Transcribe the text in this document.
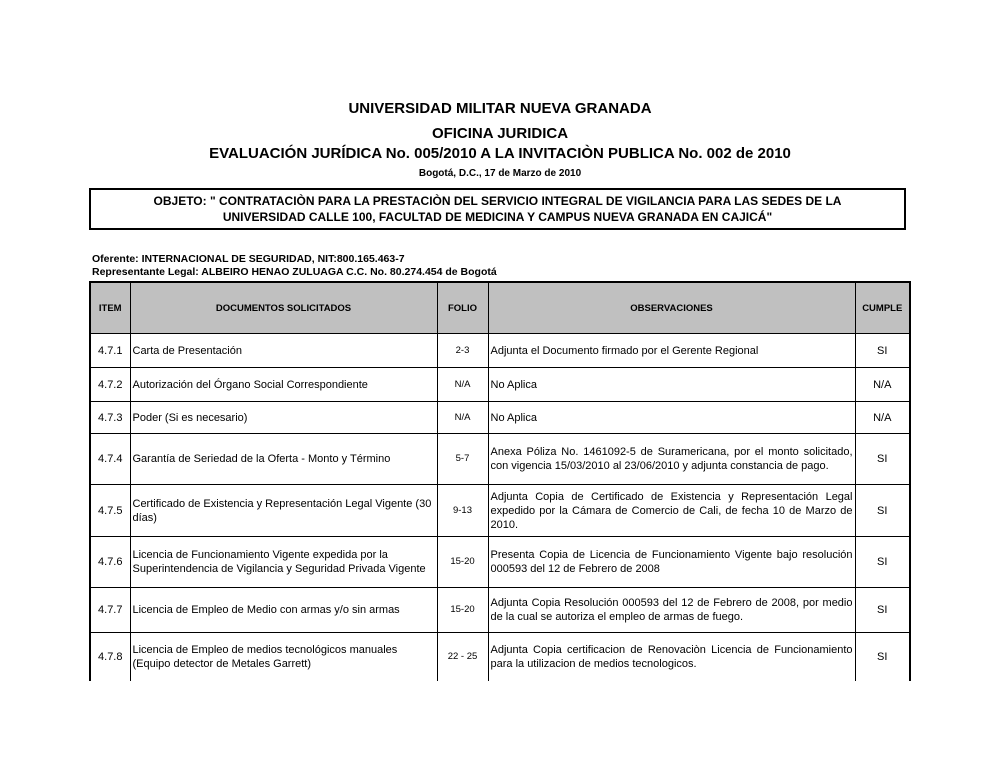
UNIVERSIDAD MILITAR NUEVA GRANADA
OFICINA JURIDICA
EVALUACIÓN JURÍDICA No. 005/2010 A LA INVITACIÒN PUBLICA No. 002 de 2010
Bogotá, D.C., 17 de Marzo de 2010
OBJETO: " CONTRATACIÒN PARA LA PRESTACIÒN DEL SERVICIO INTEGRAL DE VIGILANCIA PARA LAS SEDES DE LA UNIVERSIDAD CALLE 100, FACULTAD DE MEDICINA Y CAMPUS NUEVA GRANADA EN CAJICÁ"
Oferente: INTERNACIONAL DE SEGURIDAD, NIT:800.165.463-7
Representante Legal: ALBEIRO HENAO ZULUAGA C.C. No. 80.274.454 de Bogotá
ITEM	DOCUMENTOS SOLICITADOS	FOLIO	OBSERVACIONES	CUMPLE
4.7.1	Carta de Presentación	2-3	Adjunta el Documento firmado por el Gerente Regional	SI
4.7.2	Autorización del Órgano Social Correspondiente	N/A	No Aplica	N/A
4.7.3	Poder (Si es necesario)	N/A	No Aplica	N/A
4.7.4	Garantía de Seriedad de la Oferta - Monto y Término	5-7	Anexa Póliza No. 1461092-5 de Suramericana, por el monto solicitado, con vigencia 15/03/2010 al 23/06/2010 y adjunta constancia de pago.	SI
4.7.5	Certificado de Existencia y Representación Legal Vigente (30 días)	9-13	Adjunta Copia de Certificado de Existencia y Representación Legal expedido por la Cámara de Comercio de Cali, de fecha 10 de Marzo de 2010.	SI
4.7.6	Licencia de Funcionamiento Vigente expedida por la Superintendencia de Vigilancia y Seguridad Privada Vigente	15-20	Presenta Copia de Licencia de Funcionamiento Vigente bajo resolución 000593 del 12 de Febrero de 2008	SI
4.7.7	Licencia de Empleo de Medio con armas y/o sin armas	15-20	Adjunta Copia Resolución 000593 del 12 de Febrero de 2008, por medio de la cual se autoriza el empleo de armas de fuego.	SI
4.7.8	Licencia de Empleo de medios tecnológicos manuales (Equipo detector de Metales Garrett)	22 - 25	Adjunta Copia certificacion de Renovaciòn Licencia de Funcionamiento para la utilizacion de medios tecnologicos.	SI
